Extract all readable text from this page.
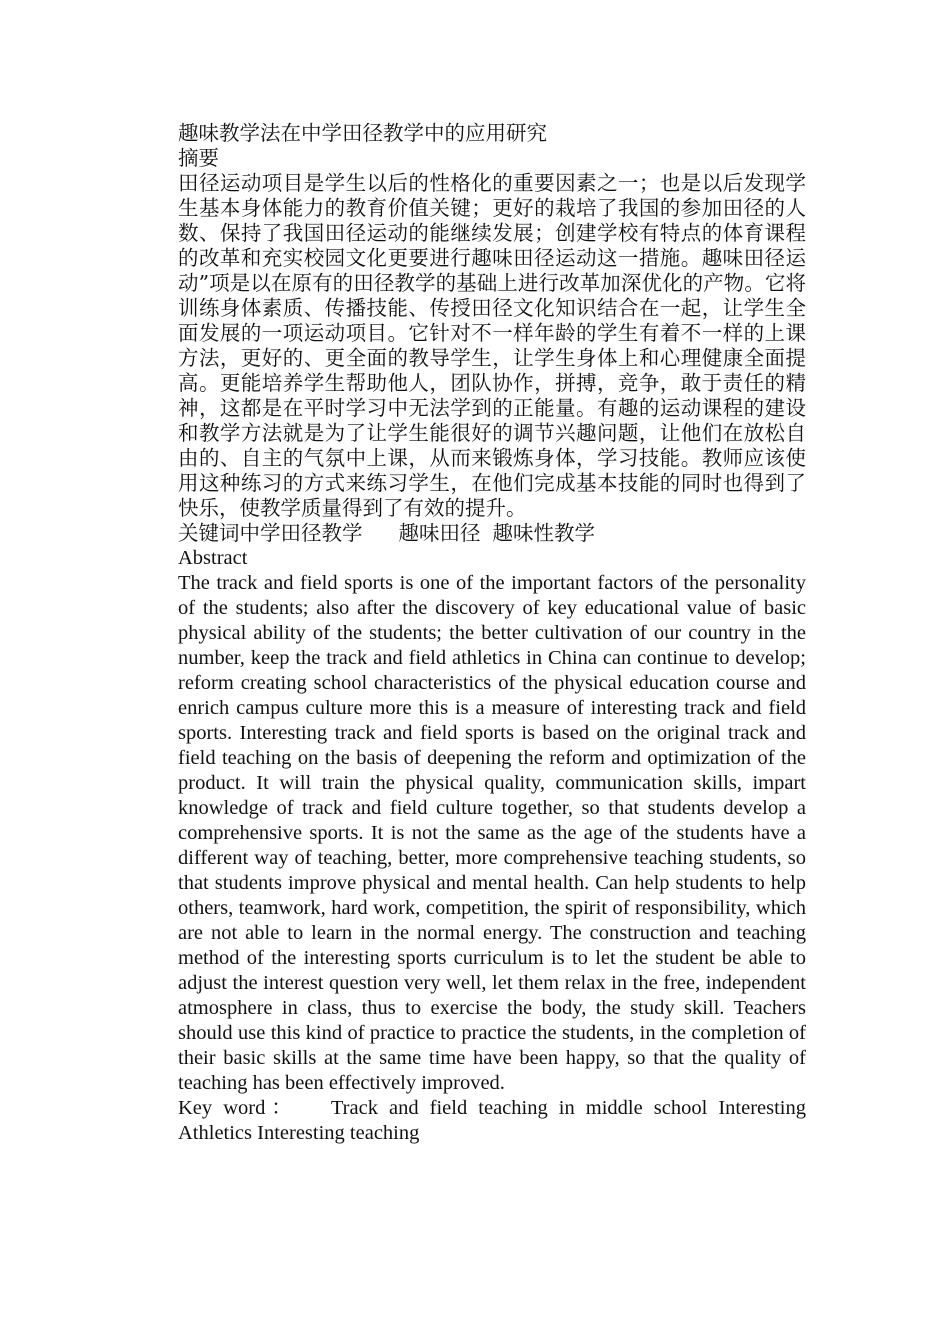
趣味教学法在中学田径教学中的应用研究

摘要

田径运动项目是学生以后的性格化的重要因素之一；也是以后发现学生基本身体能力的教育价值关键；更好的栽培了我国的参加田径的人数、保持了我国田径运动的能继续发展；创建学校有特点的体育课程的改革和充实校园文化更要进行趣味田径运动这一措施。趣味田径运动”项是以在原有的田径教学的基础上进行改革加深优化的产物。它将训练身体素质、传播技能、传授田径文化知识结合在一起，让学生全面发展的一项运动项目。它针对不一样年龄的学生有着不一样的上课方法，更好的、更全面的教导学生，让学生身体上和心理健康全面提高。更能培养学生帮助他人，团队协作，拼搏，竞争，敢于责任的精神，这都是在平时学习中无法学到的正能量。有趣的运动课程的建设和教学方法就是为了让学生能很好的调节兴趣问题，让他们在放松自由的、自主的气氛中上课，从而来锻炼身体，学习技能。教师应该使用这种练习的方式来练习学生，在他们完成基本技能的同时也得到了快乐，使教学质量得到了有效的提升。

关键词中学田径教学 趣味田径 趣味性教学

Abstract

The track and field sports is one of the important factors of the personality of the students; also after the discovery of key educational value of basic physical ability of the students; the better cultivation of our country in the number, keep the track and field athletics in China can continue to develop; reform creating school characteristics of the physical education course and enrich campus culture more this is a measure of interesting track and field sports. Interesting track and field sports is based on the original track and field teaching on the basis of deepening the reform and optimization of the product. It will train the physical quality, communication skills, impart knowledge of track and field culture together, so that students develop a comprehensive sports. It is not the same as the age of the students have a different way of teaching, better, more comprehensive teaching students, so that students improve physical and mental health. Can help students to help others, teamwork, hard work, competition, the spirit of responsibility, which are not able to learn in the normal energy. The construction and teaching method of the interesting sports curriculum is to let the student be able to adjust the interest question very well, let them relax in the free, independent atmosphere in class, thus to exercise the body, the study skill. Teachers should use this kind of practice to practice the students, in the completion of their basic skills at the same time have been happy, so that the quality of teaching has been effectively improved.

Key word： Track and field teaching in middle school Interesting Athletics Interesting teaching
